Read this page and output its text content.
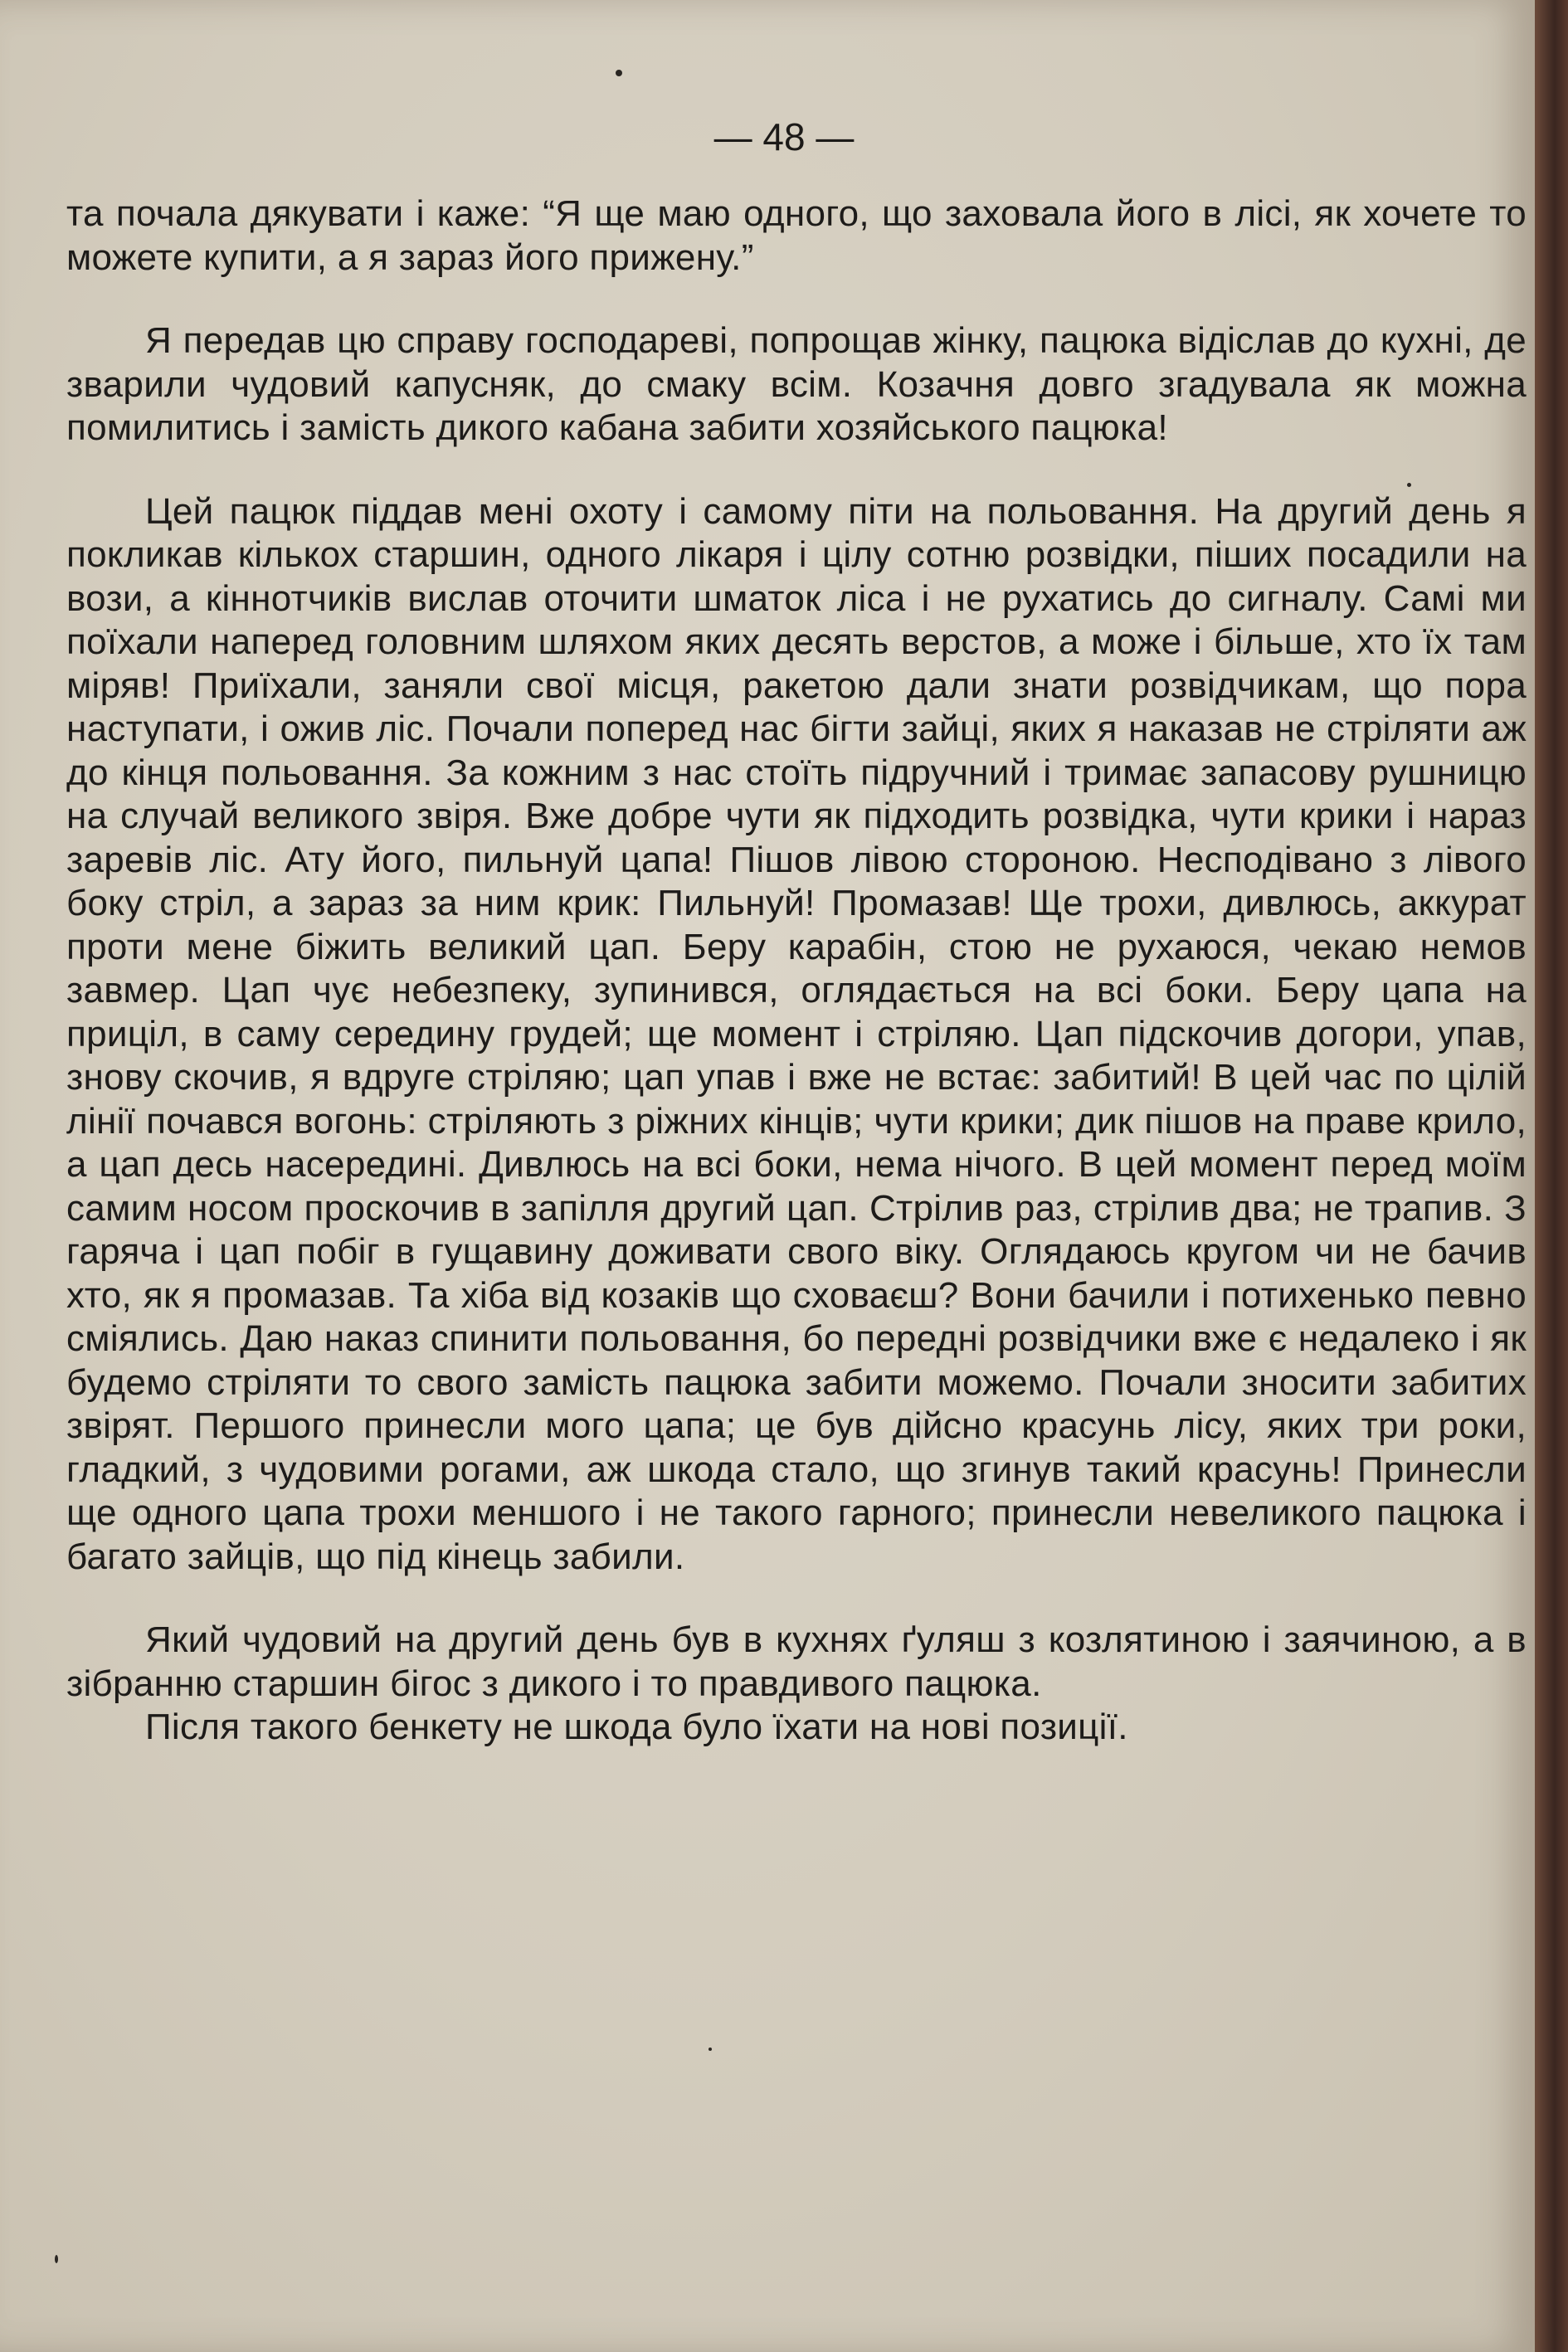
— 48 —

та почала дякувати і каже: “Я ще маю одного, що заховала його в лісі, як хочете то можете купити, а я зараз його прижену.”

Я передав цю справу господареві, попрощав жінку, пацюка відіслав до кухні, де зварили чудовий капусняк, до смаку всім. Козачня довго згадувала як можна помилитись і замість дикого кабана забити хозяйського пацюка!

Цей пацюк піддав мені охоту і самому піти на польовання. На другий день я покликав кількох старшин, одного лікаря і цілу сотню розвідки, піших посадили на вози, а кіннотчиків вислав оточити шматок ліса і не рухатись до сигналу. Самі ми поїхали наперед головним шляхом яких десять верстов, а може і більше, хто їх там міряв! Приїхали, заняли свої місця, ракетою дали знати розвідчикам, що пора наступати, і ожив ліс. Почали поперед нас бігти зайці, яких я наказав не стріляти аж до кінця польовання. За кожним з нас стоїть підручний і тримає запасову рушницю на случай великого звіря. Вже добре чути як підходить розвідка, чути крики і нараз заревів ліс. Ату його, пильнуй цапа! Пішов лівою стороною. Несподівано з лівого боку стріл, а зараз за ним крик: Пильнуй! Промазав! Ще трохи, дивлюсь, аккурат проти мене біжить великий цап. Беру карабін, стою не рухаюся, чекаю немов завмер. Цап чує небезпеку, зупинився, оглядається на всі боки. Беру цапа на приціл, в саму середину грудей; ще момент і стріляю. Цап підскочив догори, упав, знову скочив, я вдруге стріляю; цап упав і вже не встає: забитий! В цей час по цілій лінії почався вогонь: стріляють з ріжних кінців; чути крики; дик пішов на праве крило, а цап десь насередині. Дивлюсь на всі боки, нема нічого. В цей момент перед моїм самим носом проскочив в запілля другий цап. Стрілив раз, стрілив два; не трапив. З гаряча і цап побіг в гущавину доживати свого віку. Оглядаюсь кругом чи не бачив хто, як я промазав. Та хіба від козаків що сховаєш? Вони бачили і потихенько певно сміялись. Даю наказ спинити польовання, бо передні розвідчики вже є недалеко і як будемо стріляти то свого замість пацюка забити можемо. Почали зносити забитих звірят. Першого принесли мого цапа; це був дійсно красунь лісу, яких три роки, гладкий, з чудовими рогами, аж шкода стало, що згинув такий красунь! Принесли ще одного цапа трохи меншого і не такого гарного; принесли невеликого пацюка і багато зайців, що під кінець забили.

Який чудовий на другий день був в кухнях ґуляш з козлятиною і заячиною, а в зібранню старшин бігос з дикого і то правдивого пацюка.

Після такого бенкету не шкода було їхати на нові позиції.
